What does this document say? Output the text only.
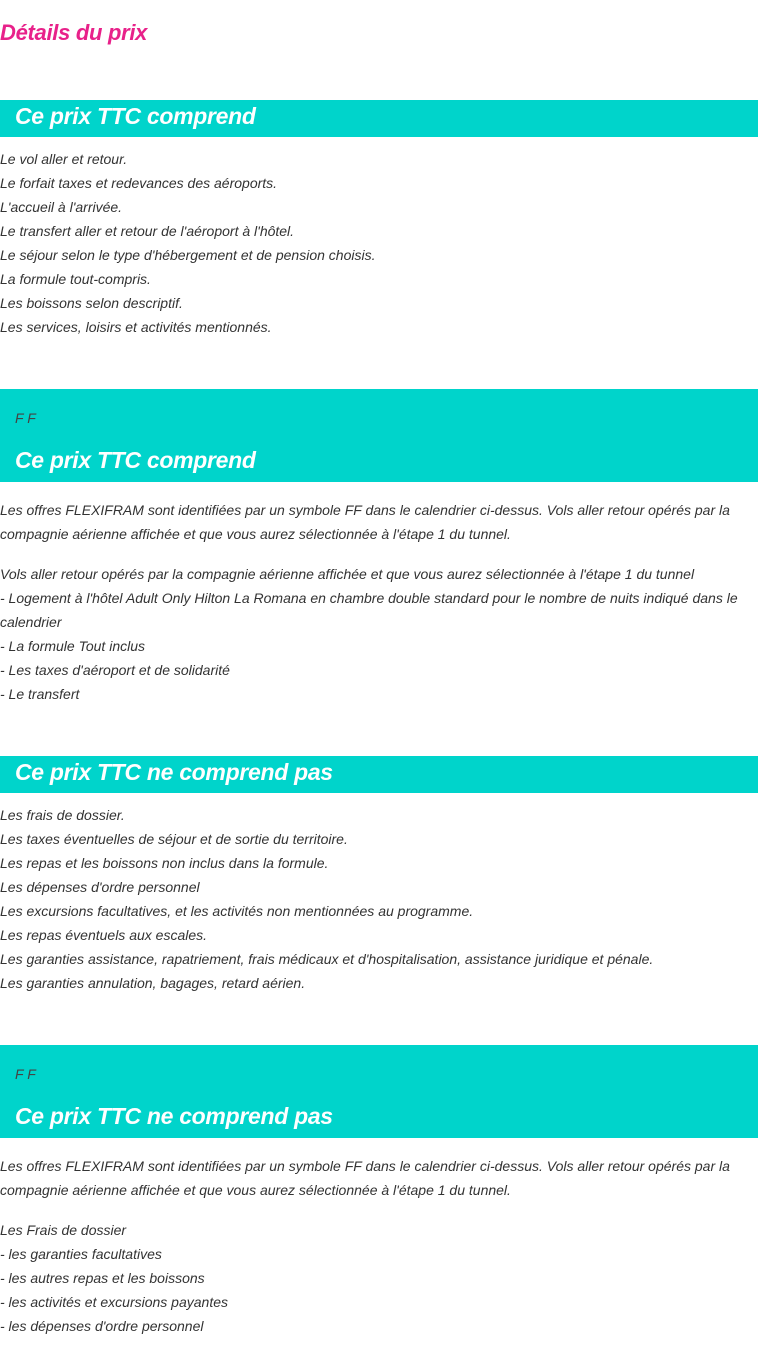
Détails du prix
Ce prix TTC comprend
Le vol aller et retour.
Le forfait taxes et redevances des aéroports.
L'accueil à l'arrivée.
Le transfert aller et retour de l'aéroport à l'hôtel.
Le séjour selon le type d'hébergement et de pension choisis.
La formule tout-compris.
Les boissons selon descriptif.
Les services, loisirs et activités mentionnés.
F F
Ce prix TTC comprend

Les offres FLEXIFRAM sont identifiées par un symbole FF dans le calendrier ci-dessus. Vols aller retour opérés par la compagnie aérienne affichée et que vous aurez sélectionnée à l'étape 1 du tunnel.

Vols aller retour opérés par la compagnie aérienne affichée et que vous aurez sélectionnée à l'étape 1 du tunnel
- Logement à l'hôtel Adult Only Hilton La Romana en chambre double standard pour le nombre de nuits indiqué dans le calendrier
- La formule Tout inclus
- Les taxes d'aéroport et de solidarité
- Le transfert
Ce prix TTC ne comprend pas
Les frais de dossier.
Les taxes éventuelles de séjour et de sortie du territoire.
Les repas et les boissons non inclus dans la formule.
Les dépenses d'ordre personnel
Les excursions facultatives, et les activités non mentionnées au programme.
Les repas éventuels aux escales.
Les garanties assistance, rapatriement, frais médicaux et d'hospitalisation, assistance juridique et pénale.
Les garanties annulation, bagages, retard aérien.
F F
Ce prix TTC ne comprend pas

Les offres FLEXIFRAM sont identifiées par un symbole FF dans le calendrier ci-dessus. Vols aller retour opérés par la compagnie aérienne affichée et que vous aurez sélectionnée à l'étape 1 du tunnel.

Les Frais de dossier
- les garanties facultatives
- les autres repas et les boissons
- les activités et excursions payantes
- les dépenses d'ordre personnel
